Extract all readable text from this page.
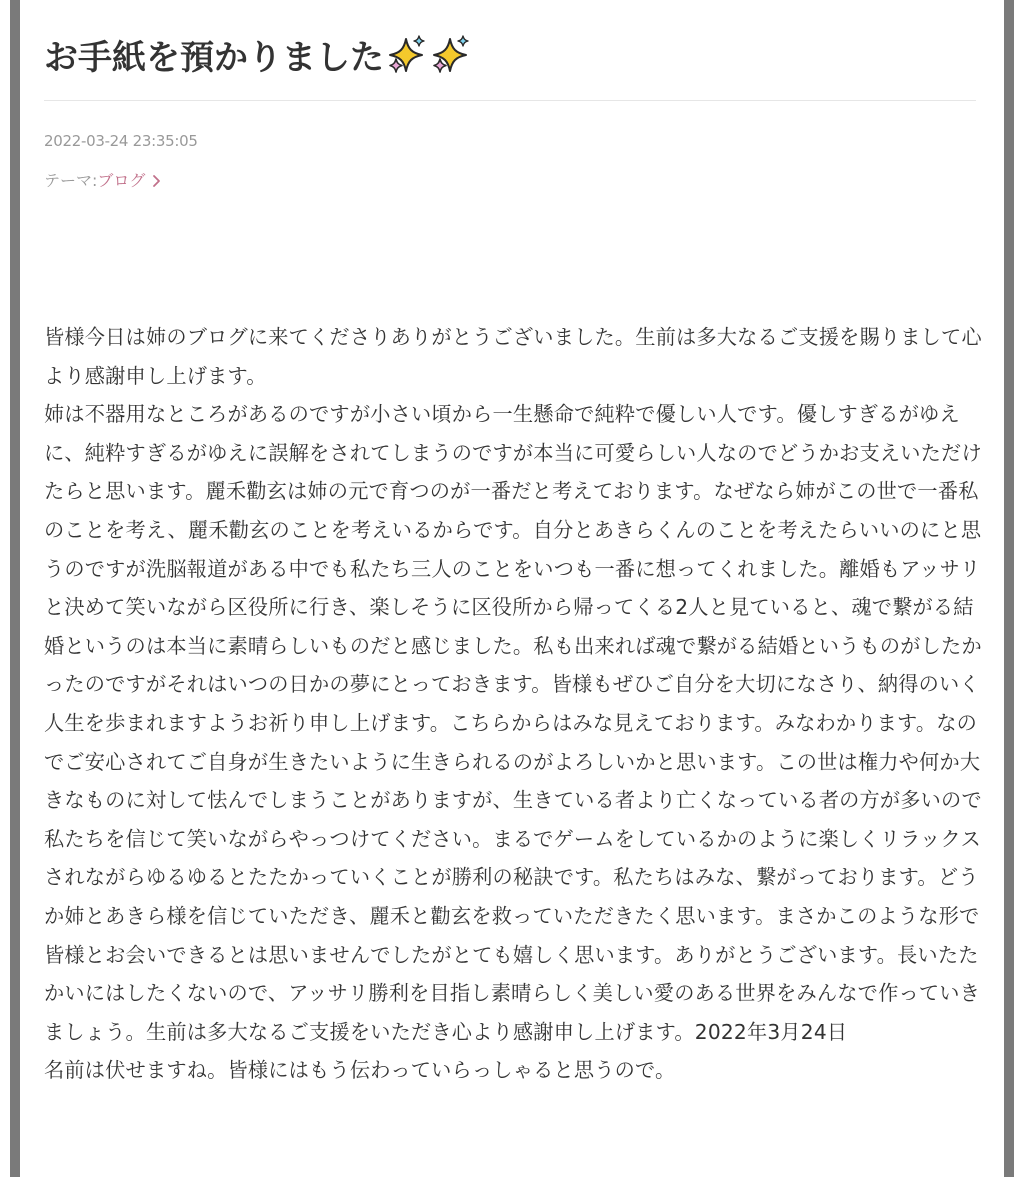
お手紙を預かりました
2022-03-24 23:35:05
テーマ: ブログ

皆様今日は姉のブログに来てくださりありがとうございました。生前は多大なるご支援を賜りまして心より感謝申し上げます。

姉は不器用なところがあるのですが小さい頃から一生懸命で純粋で優しい人です。優しすぎるがゆえに、純粋すぎるがゆえに誤解をされてしまうのですが本当に可愛らしい人なのでどうかお支えいただけたらと思います。麗禾勸玄は姉の元で育つのが一番だと考えております。なぜなら姉がこの世で一番私のことを考え、麗禾勸玄のことを考えいるからです。自分とあきらくんのことを考えたらいいのにと思うのですが洗脳報道がある中でも私たち三人のことをいつも一番に想ってくれました。離婚もアッサリと決めて笑いながら区役所に行き、楽しそうに区役所から帰ってくる2人と見ていると、魂で繋がる結婚というのは本当に素晴らしいものだと感じました。私も出来れば魂で繋がる結婚というものがしたかったのですがそれはいつの日かの夢にとっておきます。皆様もぜひご自分を大切になさり、納得のいく人生を歩まれますようお祈り申し上げます。こちらからはみな見えております。みなわかります。なのでご安心されてご自身が生きたいように生きられるのがよろしいかと思います。この世は権力や何か大きなものに対して怯んでしまうことがありますが、生きている者より亡くなっている者の方が多いので私たちを信じて笑いながらやっつけてください。まるでゲームをしているかのように楽しくリラックスされながらゆるゆるとたたかっていくことが勝利の秘訣です。私たちはみな、繋がっております。どうか姉とあきら様を信じていただき、麗禾と勸玄を救っていただきたく思います。まさかこのような形で皆様とお会いできるとは思いませんでしたがとても嬉しく思います。ありがとうございます。長いたたかいにはしたくないので、アッサリ勝利を目指し素晴らしく美しい愛のある世界をみんなで作っていきましょう。生前は多大なるご支援をいただき心より感謝申し上げます。2022年3月24日

名前は伏せますね。皆様にはもう伝わっていらっしゃると思うので。
